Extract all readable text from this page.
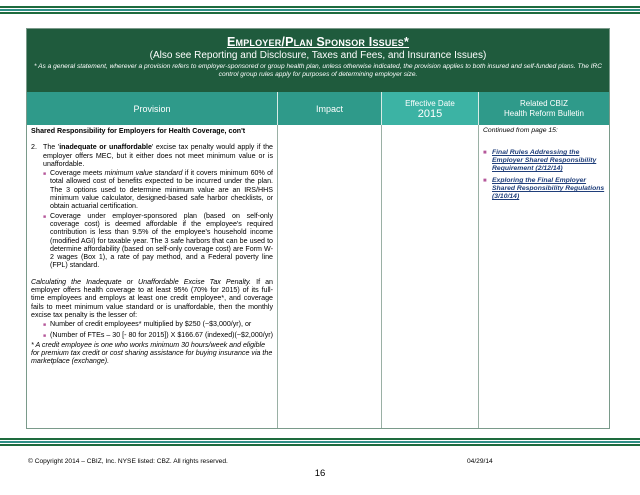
Employer/Plan Sponsor Issues*
(Also see Reporting and Disclosure, Taxes and Fees, and Insurance Issues)
* As a general statement, wherever a provision refers to employer-sponsored or group health plan, unless otherwise indicated, the provision applies to both insured and self-funded plans. The IRC control group rules apply for purposes of determining employer size.
Provision	Impact
Effective Date
2015
Related CBIZ
Health Reform Bulletin
Shared Responsibility for Employers for Health Coverage, con't
2. The 'inadequate or unaffordable' excise tax penalty would apply if the employer offers MEC, but it either does not meet minimum value or is unaffordable.
■ Coverage meets minimum value standard if it covers minimum 60% of total allowed cost of benefits expected to be incurred under the plan. The 3 options used to determine minimum value are an IRS/HHS minimum value calculator, designed-based safe harbor checklists, or obtain actuarial certification.
■ Coverage under employer-sponsored plan (based on self-only coverage cost) is deemed affordable if the employee's required contribution is less than 9.5% of the employee's household income (modified AGI) for taxable year. The 3 safe harbors that can be used to determine affordability (based on self-only coverage cost) are Form W-2 wages (Box 1), a rate of pay method, and a Federal poverty line (FPL) standard.
Calculating the Inadequate or Unaffordable Excise Tax Penalty. If an employer offers health coverage to at least 95% (70% for 2015) of its full-time employees and employs at least one credit employee*, and coverage fails to meet minimum value standard or is unaffordable, then the monthly excise tax penalty is the lesser of:
■ Number of credit employees* multiplied by $250 (~$3,000/yr), or
■ (Number of FTEs – 30 [- 80 for 2015]) X $166.67 (indexed)(~$2,000/yr)
* A credit employee is one who works minimum 30 hours/week and eligible for premium tax credit or cost sharing assistance for buying insurance via the marketplace (exchange).
Continued from page 15:
■ Final Rules Addressing the Employer Shared Responsibility Requirement (2/12/14)
■ Exploring the Final Employer Shared Responsibility Regulations (3/10/14)
© Copyright 2014 – CBIZ, Inc. NYSE listed: CBZ. All rights reserved.	04/29/14
16
